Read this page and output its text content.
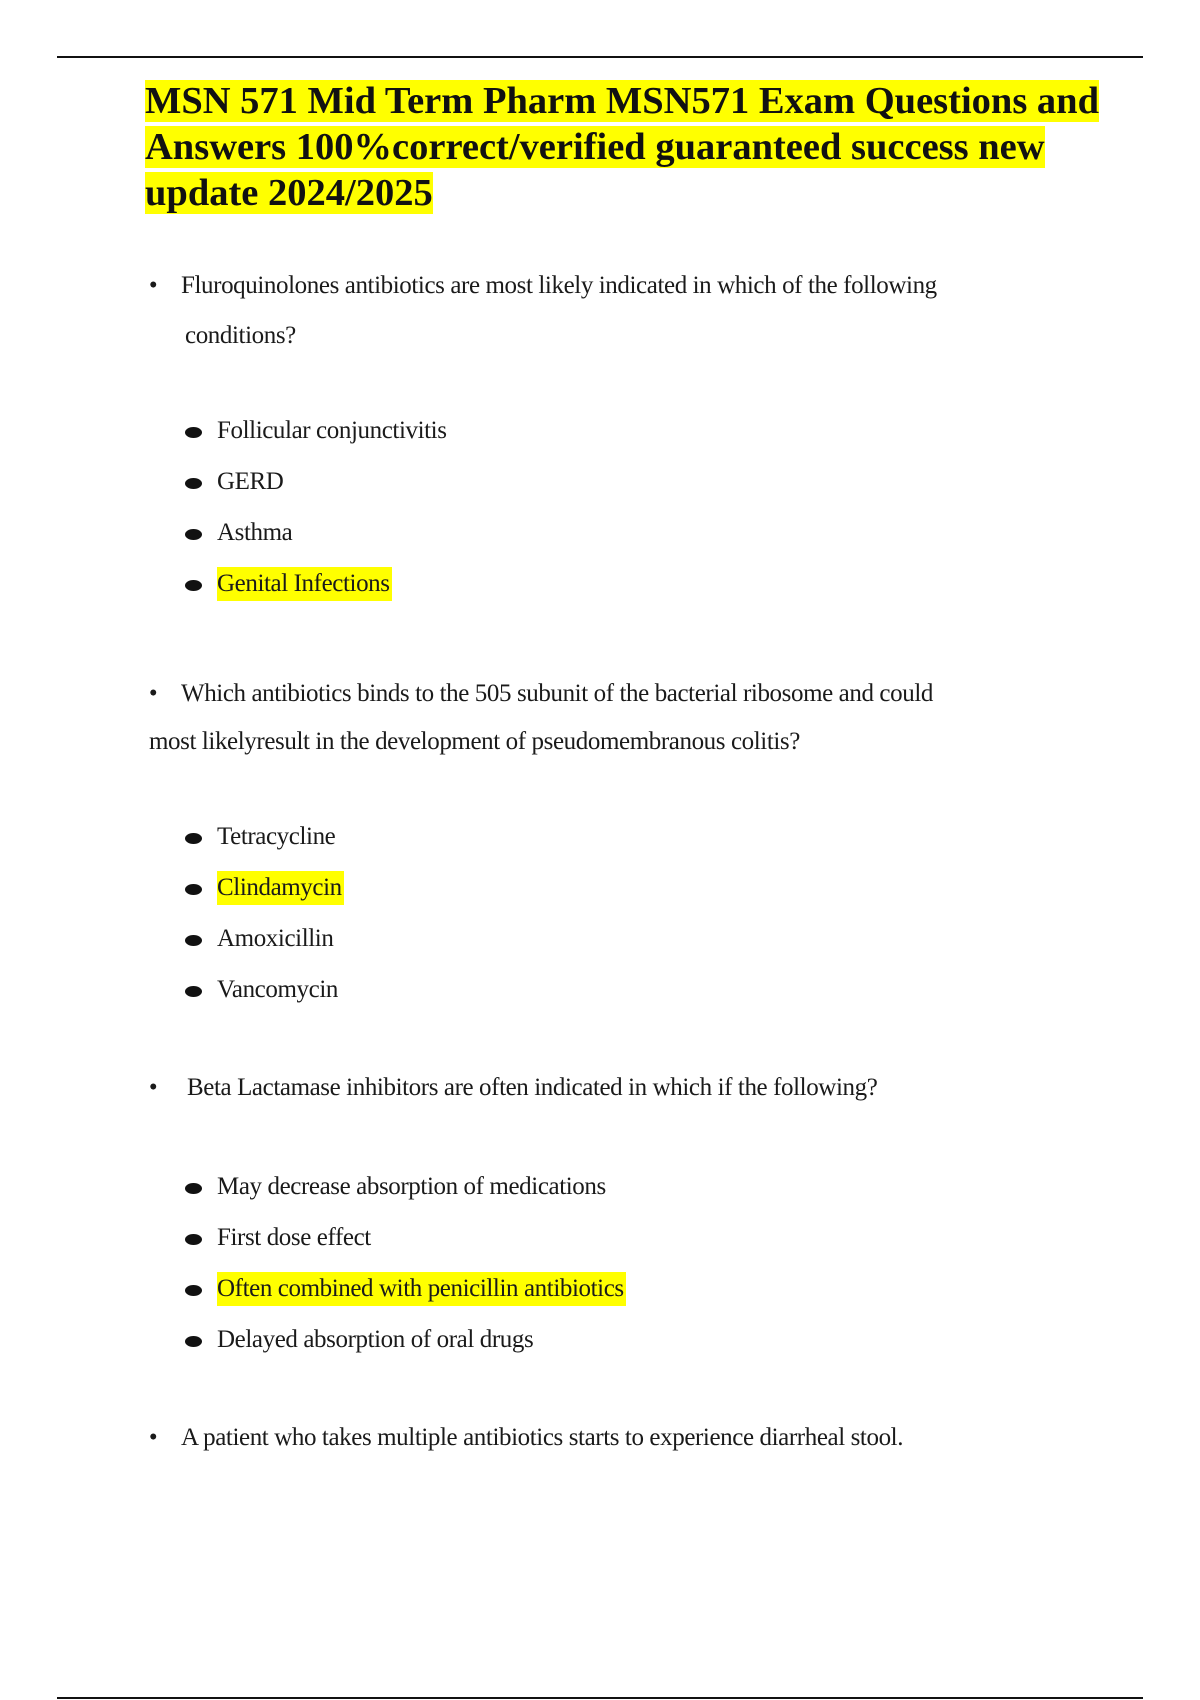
MSN 571 Mid Term Pharm MSN571 Exam Questions and Answers 100%correct/verified guaranteed success new update 2024/2025
• Fluroquinolones antibiotics are most likely indicated in which of the following
conditions?
Follicular conjunctivitis
GERD
Asthma
Genital Infections
• Which antibiotics binds to the 505 subunit of the bacterial ribosome and could
most likelyresult in the development of pseudomembranous colitis?
Tetracycline
Clindamycin
Amoxicillin
Vancomycin
• Beta Lactamase inhibitors are often indicated in which if the following?
May decrease absorption of medications
First dose effect
Often combined with penicillin antibiotics
Delayed absorption of oral drugs
• A patient who takes multiple antibiotics starts to experience diarrheal stool.
